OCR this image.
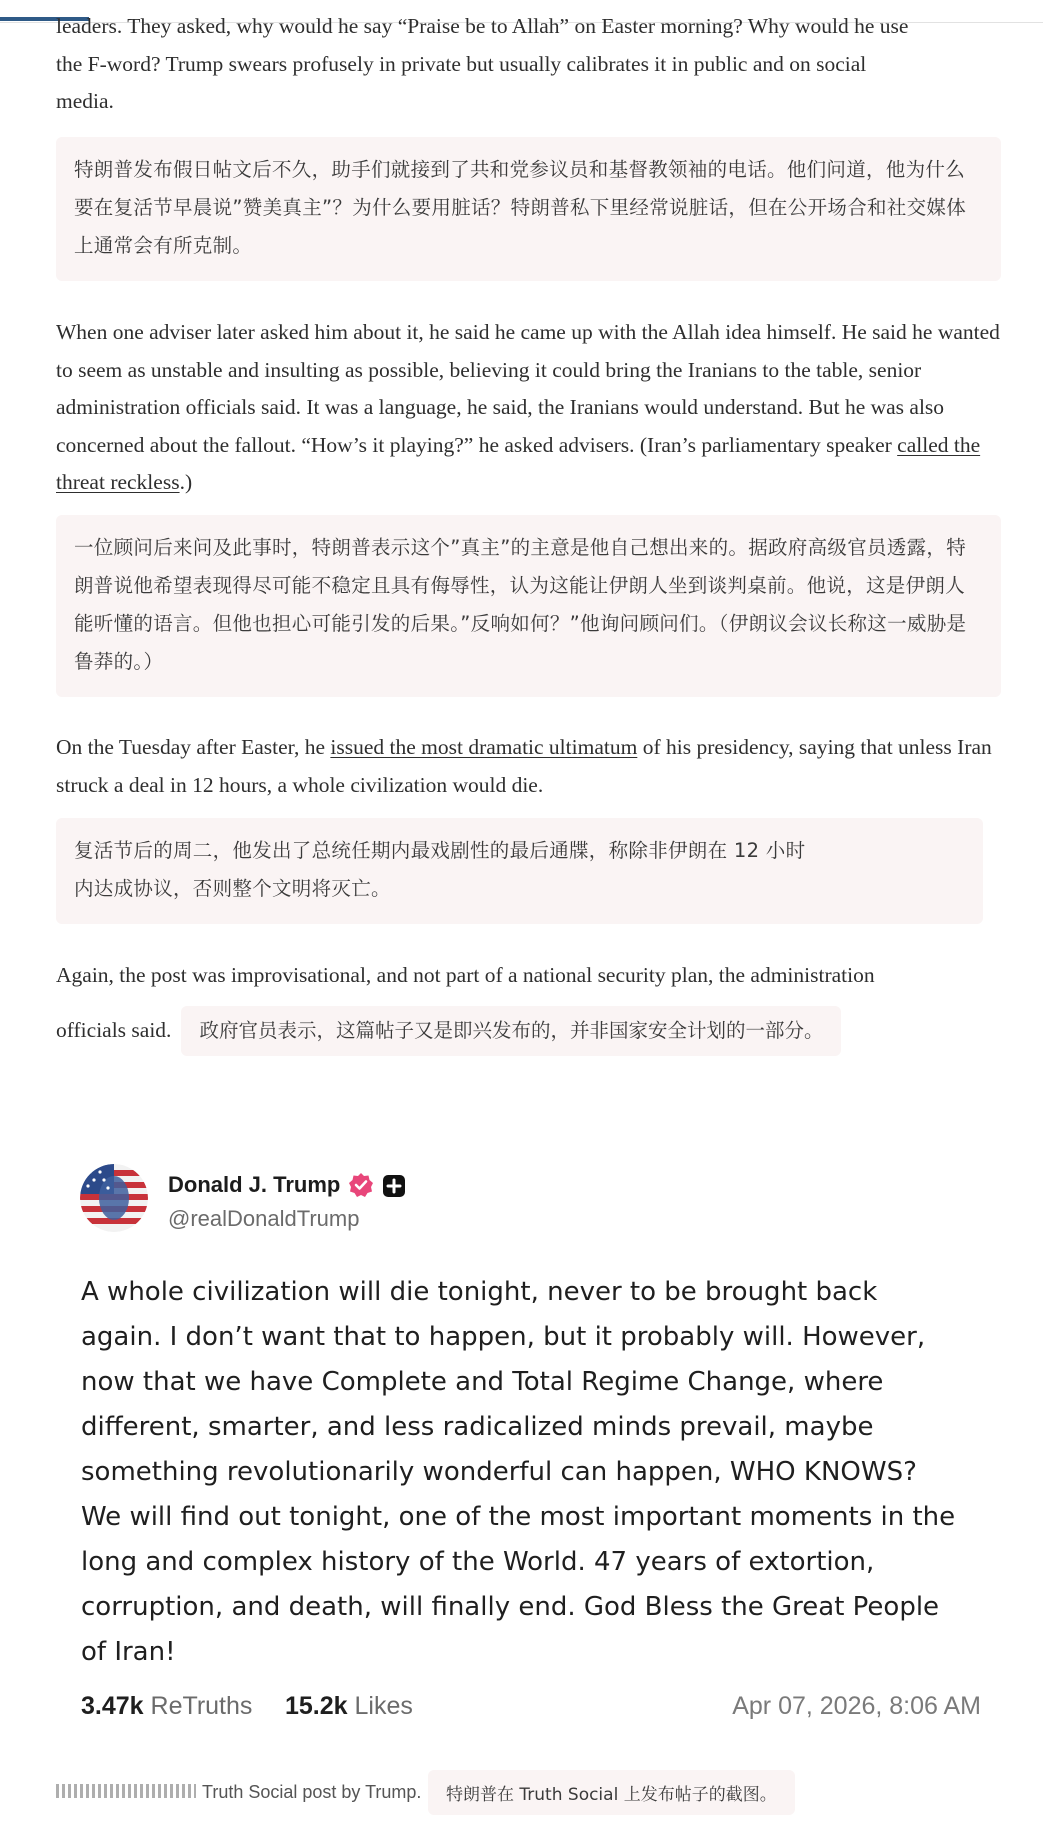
leaders. They asked, why would he say “Praise be to Allah” on Easter morning? Why would he use
the F-word? Trump swears profusely in private but usually calibrates it in public and on social
media.
特朗普发布假日帖文后不久，助手们就接到了共和党参议员和基督教领袖的电话。他们问道，他为什么要在复活节早晨说”赞美真主”？为什么要用脏话？特朗普私下里经常说脏话，但在公开场合和社交媒体上通常会有所克制。
When one adviser later asked him about it, he said he came up with the Allah idea himself. He said he wanted to seem as unstable and insulting as possible, believing it could bring the Iranians to the table, senior administration officials said. It was a language, he said, the Iranians would understand. But he was also concerned about the fallout. “How’s it playing?” he asked advisers. (Iran’s parliamentary speaker called the threat reckless.)
一位顾问后来问及此事时，特朗普表示这个”真主”的主意是他自己想出来的。据政府高级官员透露，特朗普说他希望表现得尽可能不稳定且具有侮辱性，认为这能让伊朗人坐到谈判桌前。他说，这是伊朗人能听懂的语言。但他也担心可能引发的后果。”反响如何？”他询问顾问们。（伊朗议会议长称这一威胁是鲁莽的。）
On the Tuesday after Easter, he issued the most dramatic ultimatum of his presidency, saying that unless Iran struck a deal in 12 hours, a whole civilization would die.
复活节后的周二，他发出了总统任期内最戏剧性的最后通牒，称除非伊朗在 12 小时内达成协议，否则整个文明将灭亡。
Again, the post was improvisational, and not part of a national security plan, the administration
officials said. 政府官员表示，这篇帖子又是即兴发布的，并非国家安全计划的一部分。
Donald J. Trump
@realDonaldTrump
A whole civilization will die tonight, never to be brought back again. I don’t want that to happen, but it probably will. However, now that we have Complete and Total Regime Change, where different, smarter, and less radicalized minds prevail, maybe something revolutionarily wonderful can happen, WHO KNOWS? We will find out tonight, one of the most important moments in the long and complex history of the World. 47 years of extortion, corruption, and death, will finally end. God Bless the Great People of Iran!
3.47k ReTruths 15.2k Likes	Apr 07, 2026, 8:06 AM
Truth Social post by Trump.	特朗普在 Truth Social 上发布帖子的截图。
